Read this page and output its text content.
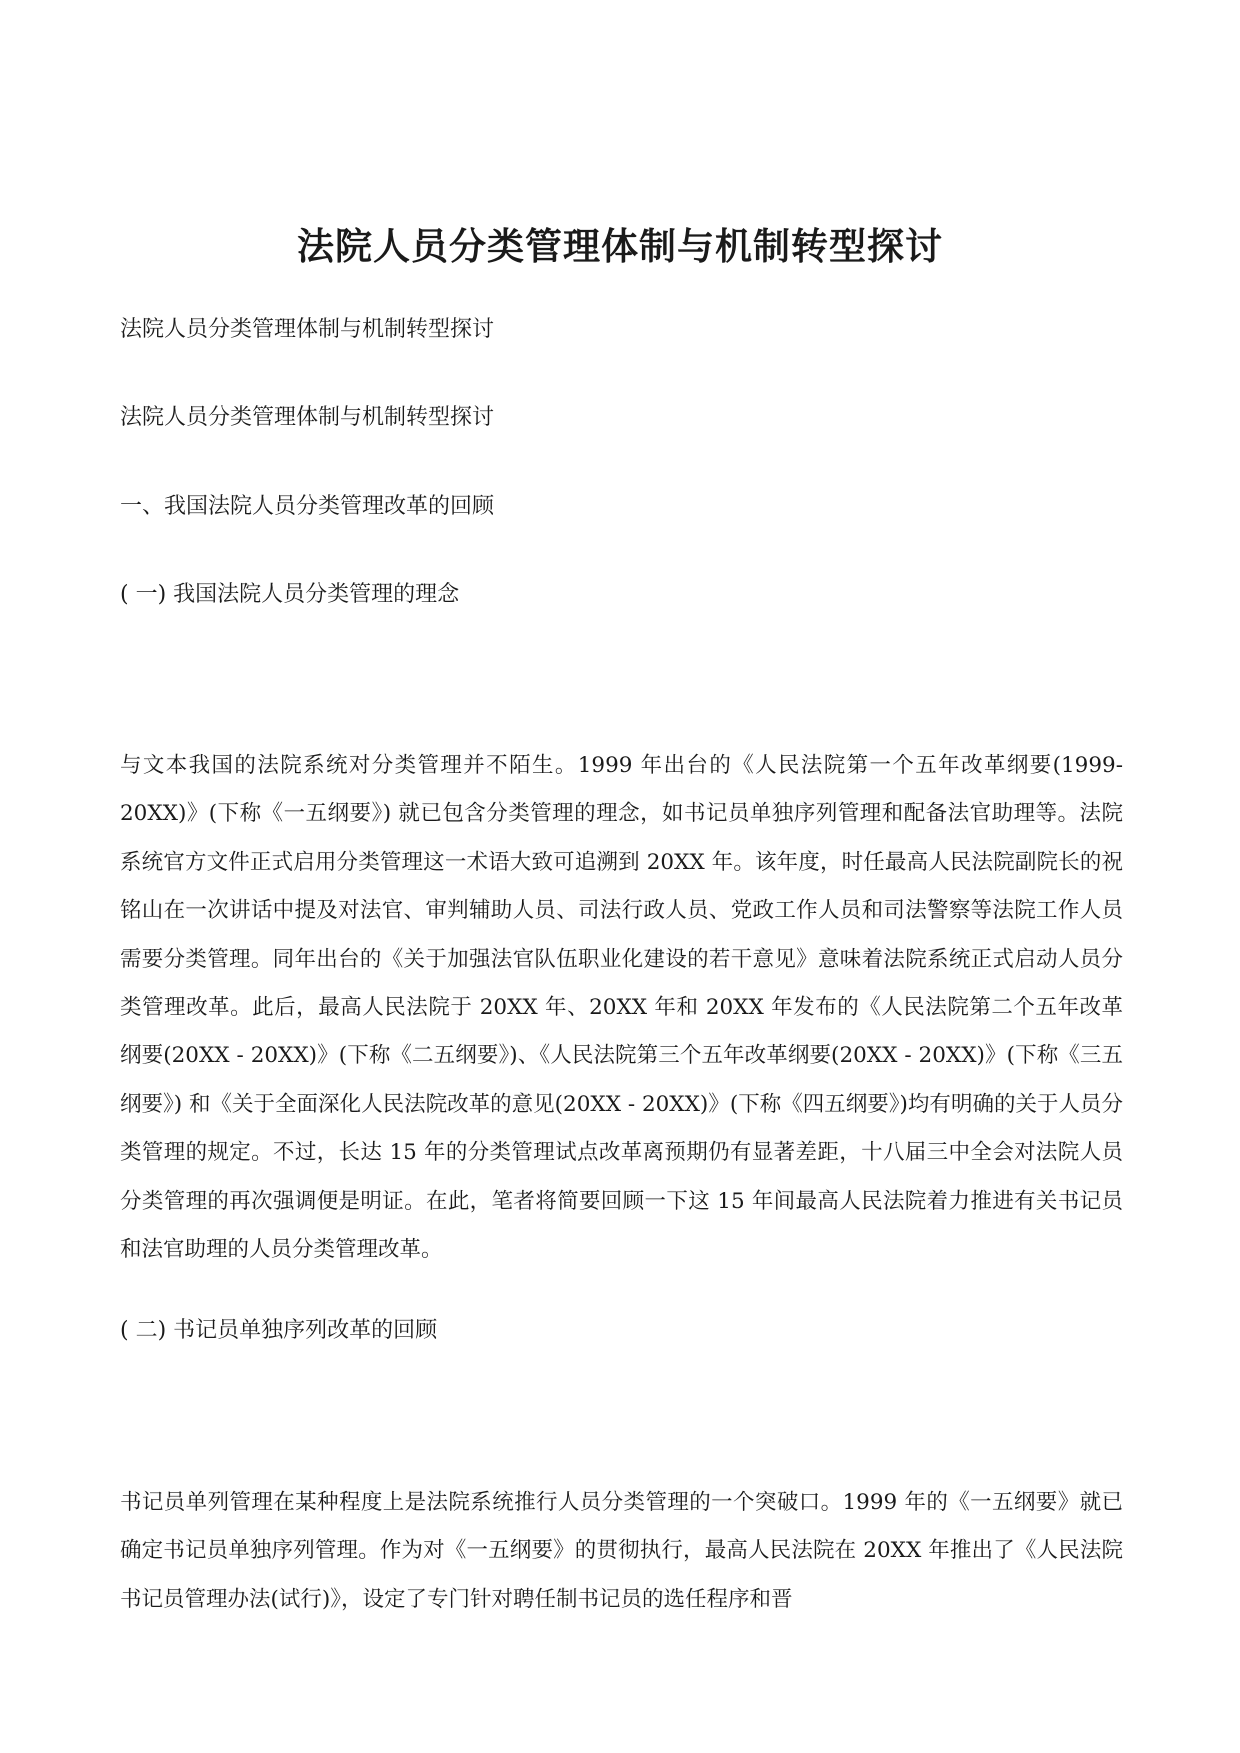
法院人员分类管理体制与机制转型探讨

法院人员分类管理体制与机制转型探讨

法院人员分类管理体制与机制转型探讨

一、我国法院人员分类管理改革的回顾

( 一) 我国法院人员分类管理的理念

与文本我国的法院系统对分类管理并不陌生。1999 年出台的《人民法院第一个五年改革纲要(1999- 20XX)》(下称《一五纲要》) 就已包含分类管理的理念，如书记员单独序列管理和配备法官助理等。法院系统官方文件正式启用分类管理这一术语大致可追溯到 20XX 年。该年度，时任最高人民法院副院长的祝铭山在一次讲话中提及对法官、审判辅助人员、司法行政人员、党政工作人员和司法警察等法院工作人员需要分类管理。同年出台的《关于加强法官队伍职业化建设的若干意见》意味着法院系统正式启动人员分类管理改革。此后，最高人民法院于 20XX 年、20XX 年和 20XX 年发布的《人民法院第二个五年改革纲要(20XX - 20XX)》(下称《二五纲要》)、《人民法院第三个五年改革纲要(20XX - 20XX)》(下称《三五纲要》) 和《关于全面深化人民法院改革的意见(20XX - 20XX)》(下称《四五纲要》)均有明确的关于人员分类管理的规定。不过，长达 15 年的分类管理试点改革离预期仍有显著差距，十八届三中全会对法院人员分类管理的再次强调便是明证。在此，笔者将简要回顾一下这 15 年间最高人民法院着力推进有关书记员和法官助理的人员分类管理改革。

( 二) 书记员单独序列改革的回顾

书记员单列管理在某种程度上是法院系统推行人员分类管理的一个突破口。1999 年的《一五纲要》就已确定书记员单独序列管理。作为对《一五纲要》的贯彻执行，最高人民法院在 20XX 年推出了《人民法院书记员管理办法(试行)》，设定了专门针对聘任制书记员的选任程序和晋
